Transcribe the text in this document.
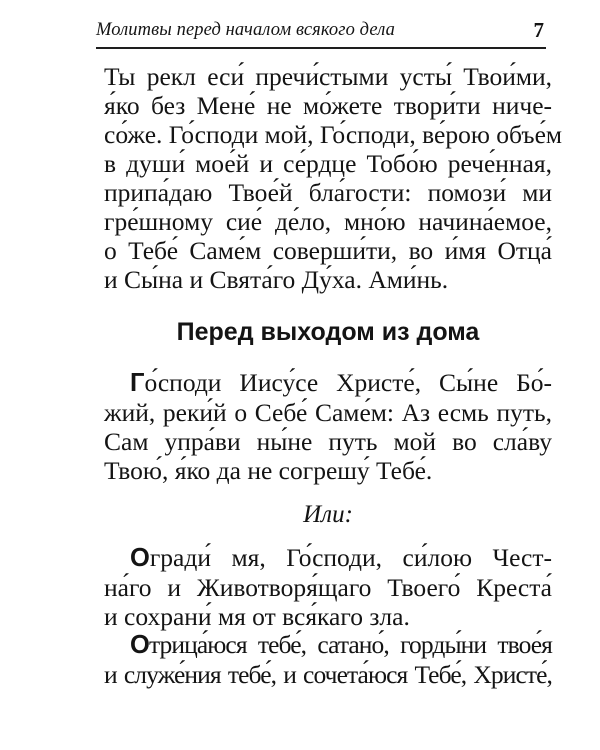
Молитвы перед началом всякого дела	7
Ты рекл еси́ пречи́стыми усты́ Твои́ми,
я́ко без Мене́ не мо́жете твори́ти ниче-
со́же. Го́споди мой, Го́споди, ве́рою объе́м
в души́ мое́й и се́рдце Тобо́ю рече́нная,
припа́даю Твое́й бла́гости: помози́ ми
гре́шному сие́ де́ло, мно́ю начина́емое,
о Тебе́ Саме́м соверши́ти, во и́мя Отца́
и Сы́на и Свята́го Ду́ха. Ами́нь.
Перед выходом из дома
Го́споди Иису́се Христе́, Сы́не Бо́-
жий, реки́й о Себе́ Саме́м: Аз есмь путь,
Сам упра́ви ны́не путь мой во сла́ву
Твою́, я́ко да не согрешу́ Тебе́.
Или:
Огради́ мя, Го́споди, си́лою Чест-
на́го и Животворя́щаго Твоего́ Креста́
и сохрани́ мя от вся́каго зла.
Отрица́юся тебе́, сатано́, горды́ни твое́я
и служе́ния тебе́, и сочета́юся Тебе́, Христе́,
